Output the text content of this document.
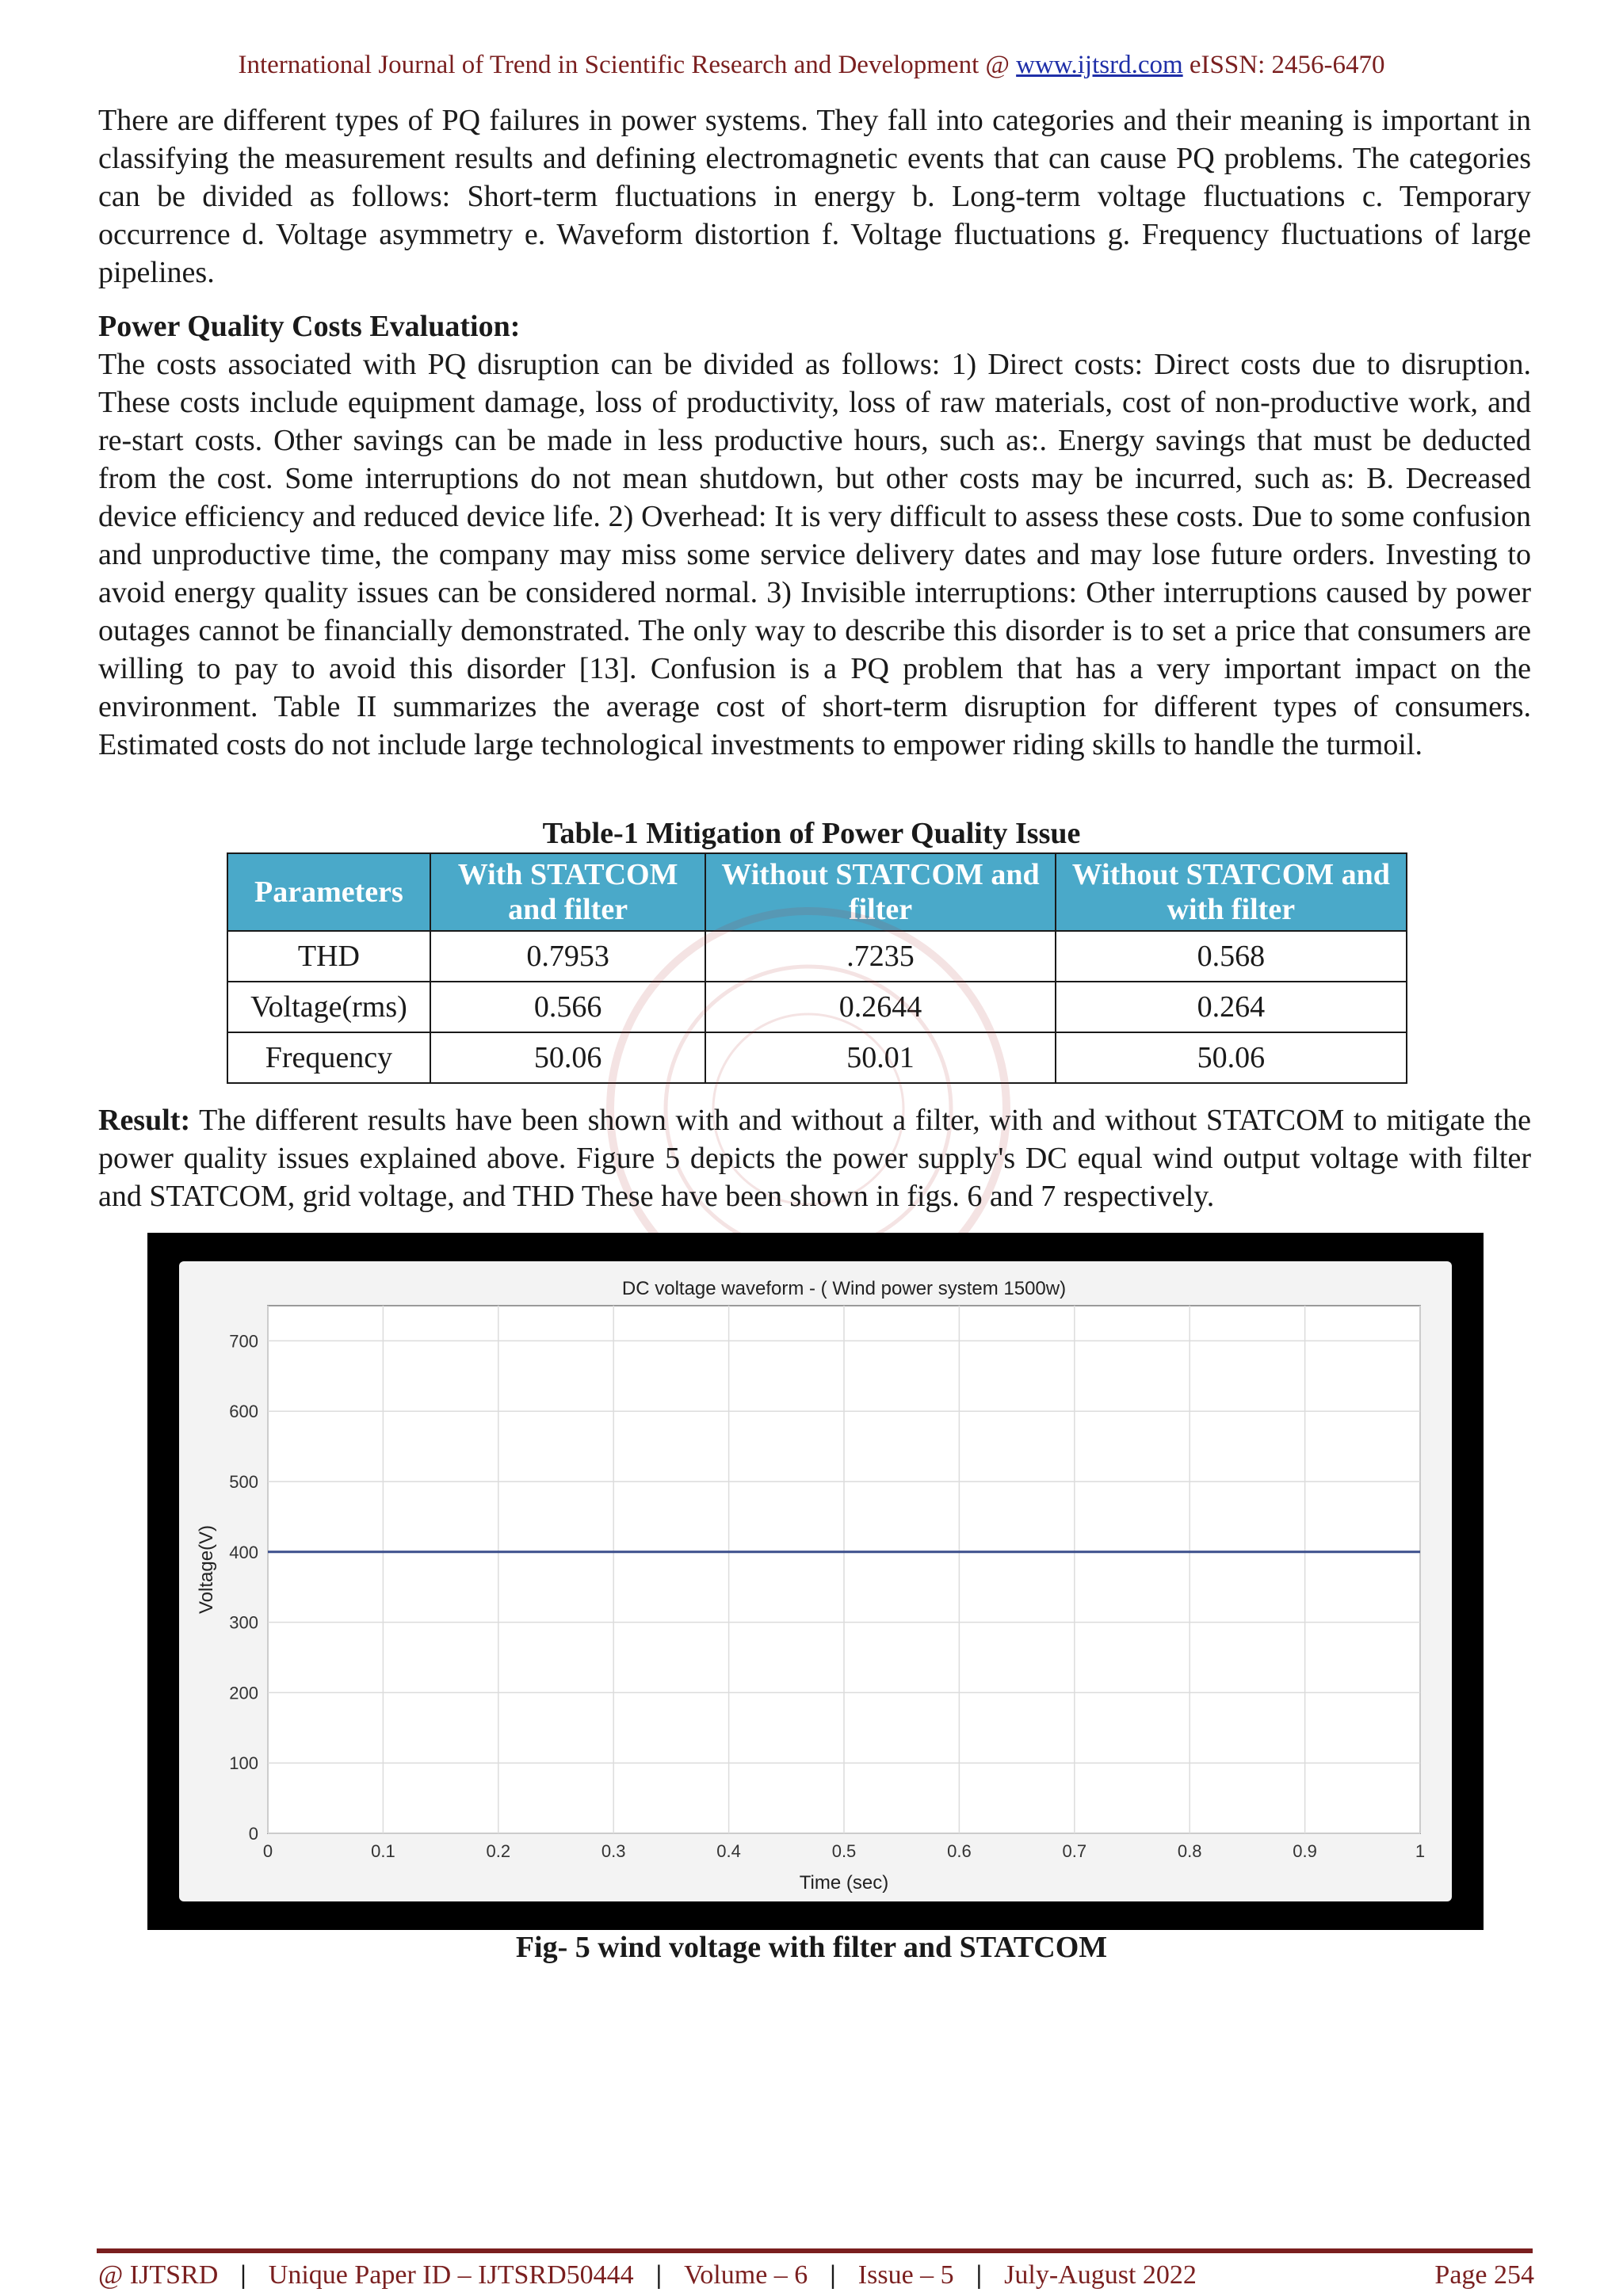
International Journal of Trend in Scientific Research and Development @ www.ijtsrd.com eISSN: 2456-6470

There are different types of PQ failures in power systems. They fall into categories and their meaning is important in classifying the measurement results and defining electromagnetic events that can cause PQ problems. The categories can be divided as follows: Short-term fluctuations in energy b. Long-term voltage fluctuations c. Temporary occurrence d. Voltage asymmetry e. Waveform distortion f. Voltage fluctuations g. Frequency fluctuations of large pipelines.

Power Quality Costs Evaluation:

The costs associated with PQ disruption can be divided as follows: 1) Direct costs: Direct costs due to disruption. These costs include equipment damage, loss of productivity, loss of raw materials, cost of non-productive work, and re-start costs. Other savings can be made in less productive hours, such as:. Energy savings that must be deducted from the cost. Some interruptions do not mean shutdown, but other costs may be incurred, such as: B. Decreased device efficiency and reduced device life. 2) Overhead: It is very difficult to assess these costs. Due to some confusion and unproductive time, the company may miss some service delivery dates and may lose future orders. Investing to avoid energy quality issues can be considered normal. 3) Invisible interruptions: Other interruptions caused by power outages cannot be financially demonstrated. The only way to describe this disorder is to set a price that consumers are willing to pay to avoid this disorder [13]. Confusion is a PQ problem that has a very important impact on the environment. Table II summarizes the average cost of short-term disruption for different types of consumers. Estimated costs do not include large technological investments to empower riding skills to handle the turmoil.

Table-1 Mitigation of Power Quality Issue
Parameters	With STATCOM and filter	Without STATCOM and filter	Without STATCOM and with filter
THD	0.7953	.7235	0.568
Voltage(rms)	0.566	0.2644	0.264
Frequency	50.06	50.01	50.06

Result: The different results have been shown with and without a filter, with and without STATCOM to mitigate the power quality issues explained above. Figure 5 depicts the power supply's DC equal wind output voltage with filter and STATCOM, grid voltage, and THD These have been shown in figs. 6 and 7 respectively.

0	0.1	0.2	0.3	0.4	0.5	0.6	0.7	0.8	0.9	1
0
100
200
300
400
500
600
700
DC voltage waveform - ( Wind power system 1500w)
Time (sec)
Voltage(V)
Fig- 5 wind voltage with filter and STATCOM
@ IJTSRD | Unique Paper ID – IJTSRD50444 | Volume – 6 | Issue – 5 | July-August 2022	Page 254
